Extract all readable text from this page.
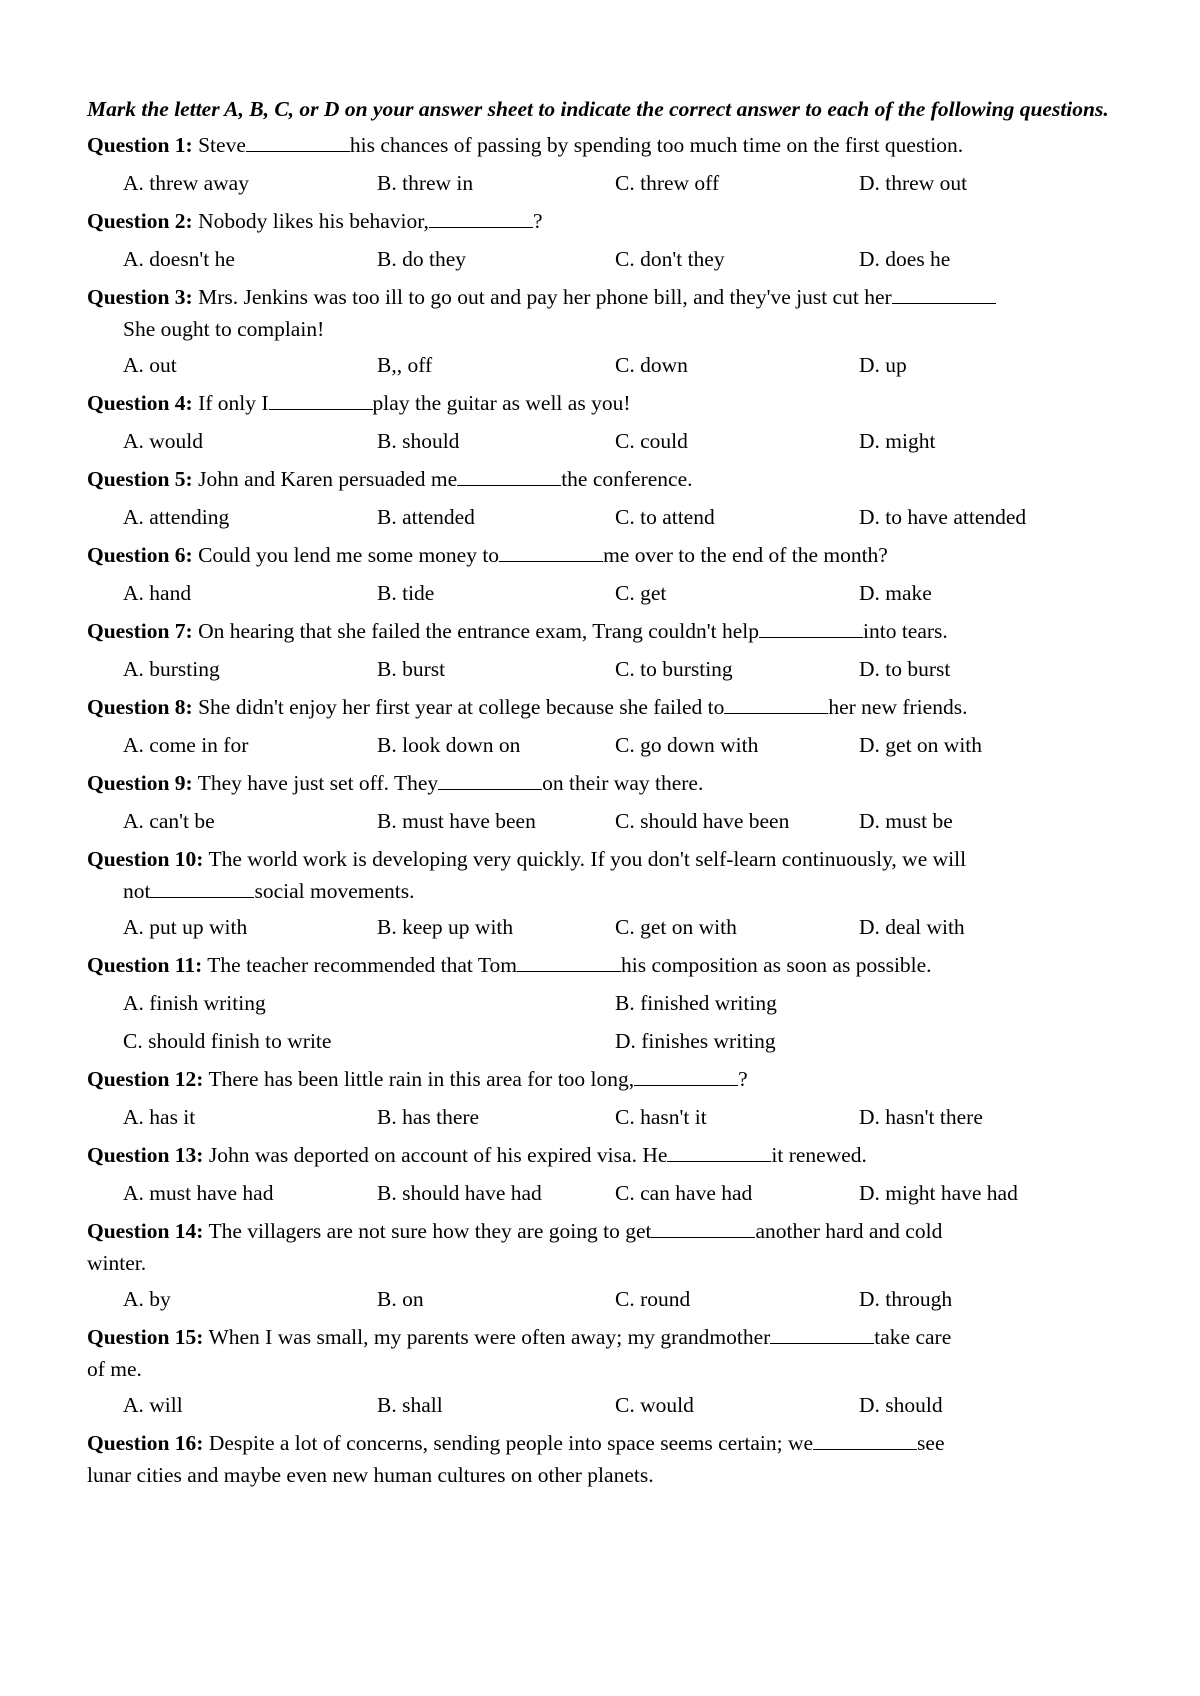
Mark the letter A, B, C, or D on your answer sheet to indicate the correct answer to each of the following questions.
Question 1: Steve	his chances of passing by spending too much time on the first question.
A. threw away	B. threw in	C. threw off	D. threw out
Question 2: Nobody likes his behavior,	?
A. doesn't he	B. do they	C. don't they	D. does he
Question 3: Mrs. Jenkins was too ill to go out and pay her phone bill, and they've just cut her
She ought to complain!
A. out	B,, off	C. down	D. up
Question 4: If only I	play the guitar as well as you!
A. would	B. should	C. could	D. might
Question 5: John and Karen persuaded me	the conference.
A. attending	B. attended	C. to attend	D. to have attended
Question 6: Could you lend me some money to	me over to the end of the month?
A. hand	B. tide	C. get	D. make
Question 7: On hearing that she failed the entrance exam, Trang couldn't help	into tears.
A. bursting	B. burst	C. to bursting	D. to burst
Question 8: She didn't enjoy her first year at college because she failed to	her new friends.
A. come in for	B. look down on	C. go down with	D. get on with
Question 9: They have just set off. They	on their way there.
A. can't be	B. must have been	C. should have been	D. must be
Question 10: The world work is developing very quickly. If you don't self-learn continuously, we will
not	social movements.
A. put up with	B. keep up with	C. get on with	D. deal with
Question 11: The teacher recommended that Tom	his composition as soon as possible.
A. finish writing	B. finished writing
C. should finish to write	D. finishes writing
Question 12: There has been little rain in this area for too long,	?
A. has it	B. has there	C. hasn't it	D. hasn't there
Question 13: John was deported on account of his expired visa. He	it renewed.
A. must have had	B. should have had	C. can have had	D. might have had
Question 14: The villagers are not sure how they are going to get	another hard and cold
winter.
A. by	B. on	C. round	D. through
Question 15: When I was small, my parents were often away; my grandmother	take care
of me.
A. will	B. shall	C. would	D. should
Question 16: Despite a lot of concerns, sending people into space seems certain; we	see
lunar cities and maybe even new human cultures on other planets.
